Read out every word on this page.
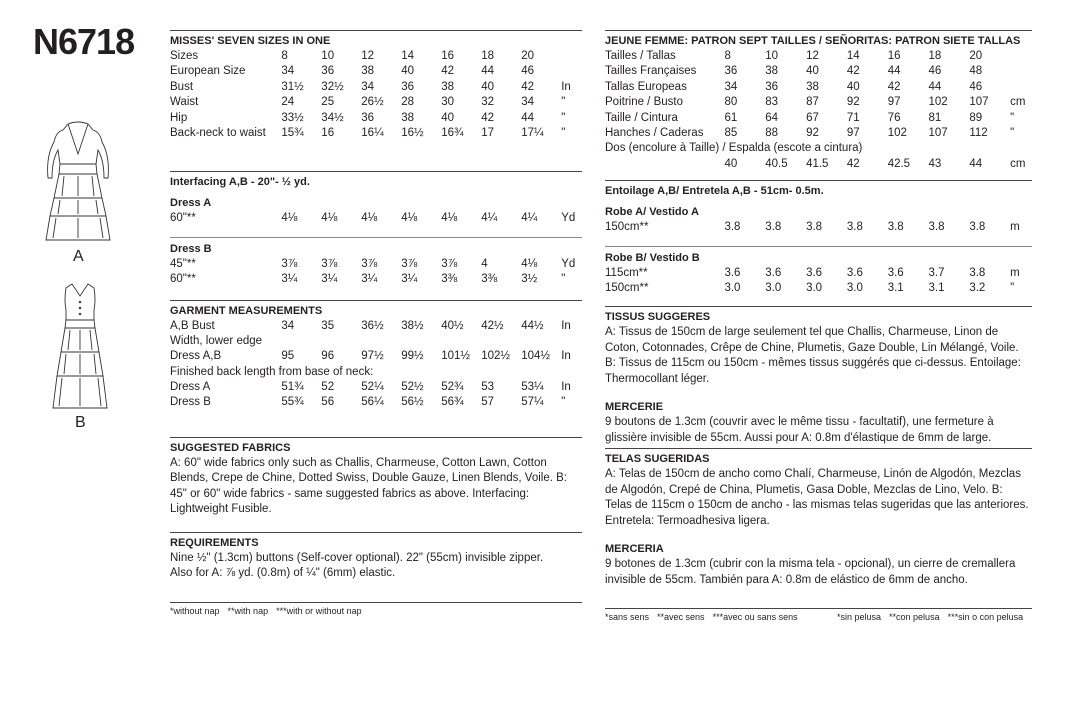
N6718
A
B
MISSES' SEVEN SIZES IN ONE
Sizes	8	10	12	14	16	18	20
European Size	34	36	38	40	42	44	46
Bust	31½	32½	34	36	38	40	42	In
Waist	24	25	26½	28	30	32	34	"
Hip	33½	34½	36	38	40	42	44	"
Back-neck to waist	15¾	16	16¼	16½	16¾	17	17¼	"
Interfacing A,B - 20"- ½ yd.
Dress A
60"**	4⅛	4⅛	4⅛	4⅛	4⅛	4¼	4¼	Yd
Dress B
45"**	3⅞	3⅞	3⅞	3⅞	3⅞	4	4⅛	Yd
60"**	3¼	3¼	3¼	3¼	3⅜	3⅜	3½	"
GARMENT MEASUREMENTS
A,B Bust	34	35	36½	38½	40½	42½	44½	In
Width, lower edge
Dress A,B	95	96	97½	99½	101½ 102½ 104½ In
Finished back length from base of neck:
Dress A	51¾	52	52¼	52½	52¾	53	53¼	In
Dress B	55¾	56	56¼	56½	56¾	57	57¼	"
SUGGESTED FABRICS
A: 60" wide fabrics only such as Challis, Charmeuse, Cotton Lawn, Cotton Blends, Crepe de Chine, Dotted Swiss, Double Gauze, Linen Blends, Voile. B: 45" or 60" wide fabrics - same suggested fabrics as above. Interfacing: Lightweight Fusible.
REQUIREMENTS
Nine ½" (1.3cm) buttons (Self-cover optional). 22" (55cm) invisible zipper.
Also for A: ⅞ yd. (0.8m) of ¼" (6mm) elastic.
*without nap **with nap ***with or without nap
JEUNE FEMME: PATRON SEPT TAILLES / SEÑORITAS: PATRON SIETE TALLAS
Tailles / Tallas	8	10	12	14	16	18	20
Tailles Françaises	36	38	40	42	44	46	48
Tallas Europeas	34	36	38	40	42	44	46
Poitrine / Busto	80	83	87	92	97	102	107	cm
Taille / Cintura	61	64	67	71	76	81	89	"
Hanches / Caderas	85	88	92	97	102	107	112	"
Dos (encolure à Taille) / Espalda (escote a cintura)
40	40.5	41.5	42	42.5	43	44	cm
Entoilage A,B/ Entretela A,B - 51cm- 0.5m.
Robe A/ Vestido A
150cm**	3.8	3.8	3.8	3.8	3.8	3.8	3.8	m
Robe B/ Vestido B
115cm**	3.6	3.6	3.6	3.6	3.6	3.7	3.8	m
150cm**	3.0	3.0	3.0	3.0	3.1	3.1	3.2	"
TISSUS SUGGERES
A: Tissus de 150cm de large seulement tel que Challis, Charmeuse, Linon de Coton, Cotonnades, Crêpe de Chine, Plumetis, Gaze Double, Lin Mélangé, Voile. B: Tissus de 115cm ou 150cm - mêmes tissus suggérés que ci-dessus. Entoilage: Thermocollant léger.
MERCERIE
9 boutons de 1.3cm (couvrir avec le même tissu - facultatif), une fermeture à glissière invisible de 55cm. Aussi pour A: 0.8m d'élastique de 6mm de large.
TELAS SUGERIDAS
A: Telas de 150cm de ancho como Chalí, Charmeuse, Linón de Algodón, Mezclas de Algodón, Crepé de China, Plumetis, Gasa Doble, Mezclas de Lino, Velo. B: Telas de 115cm o 150cm de ancho - las mismas telas sugeridas que las anteriores. Entretela: Termoadhesiva ligera.
MERCERIA
9 botones de 1.3cm (cubrir con la misma tela - opcional), un cierre de cremallera invisible de 55cm. También para A: 0.8m de elástico de 6mm de ancho.
*sans sens **avec sens ***avec ou sans sens	*sin pelusa **con pelusa ***sin o con pelusa
